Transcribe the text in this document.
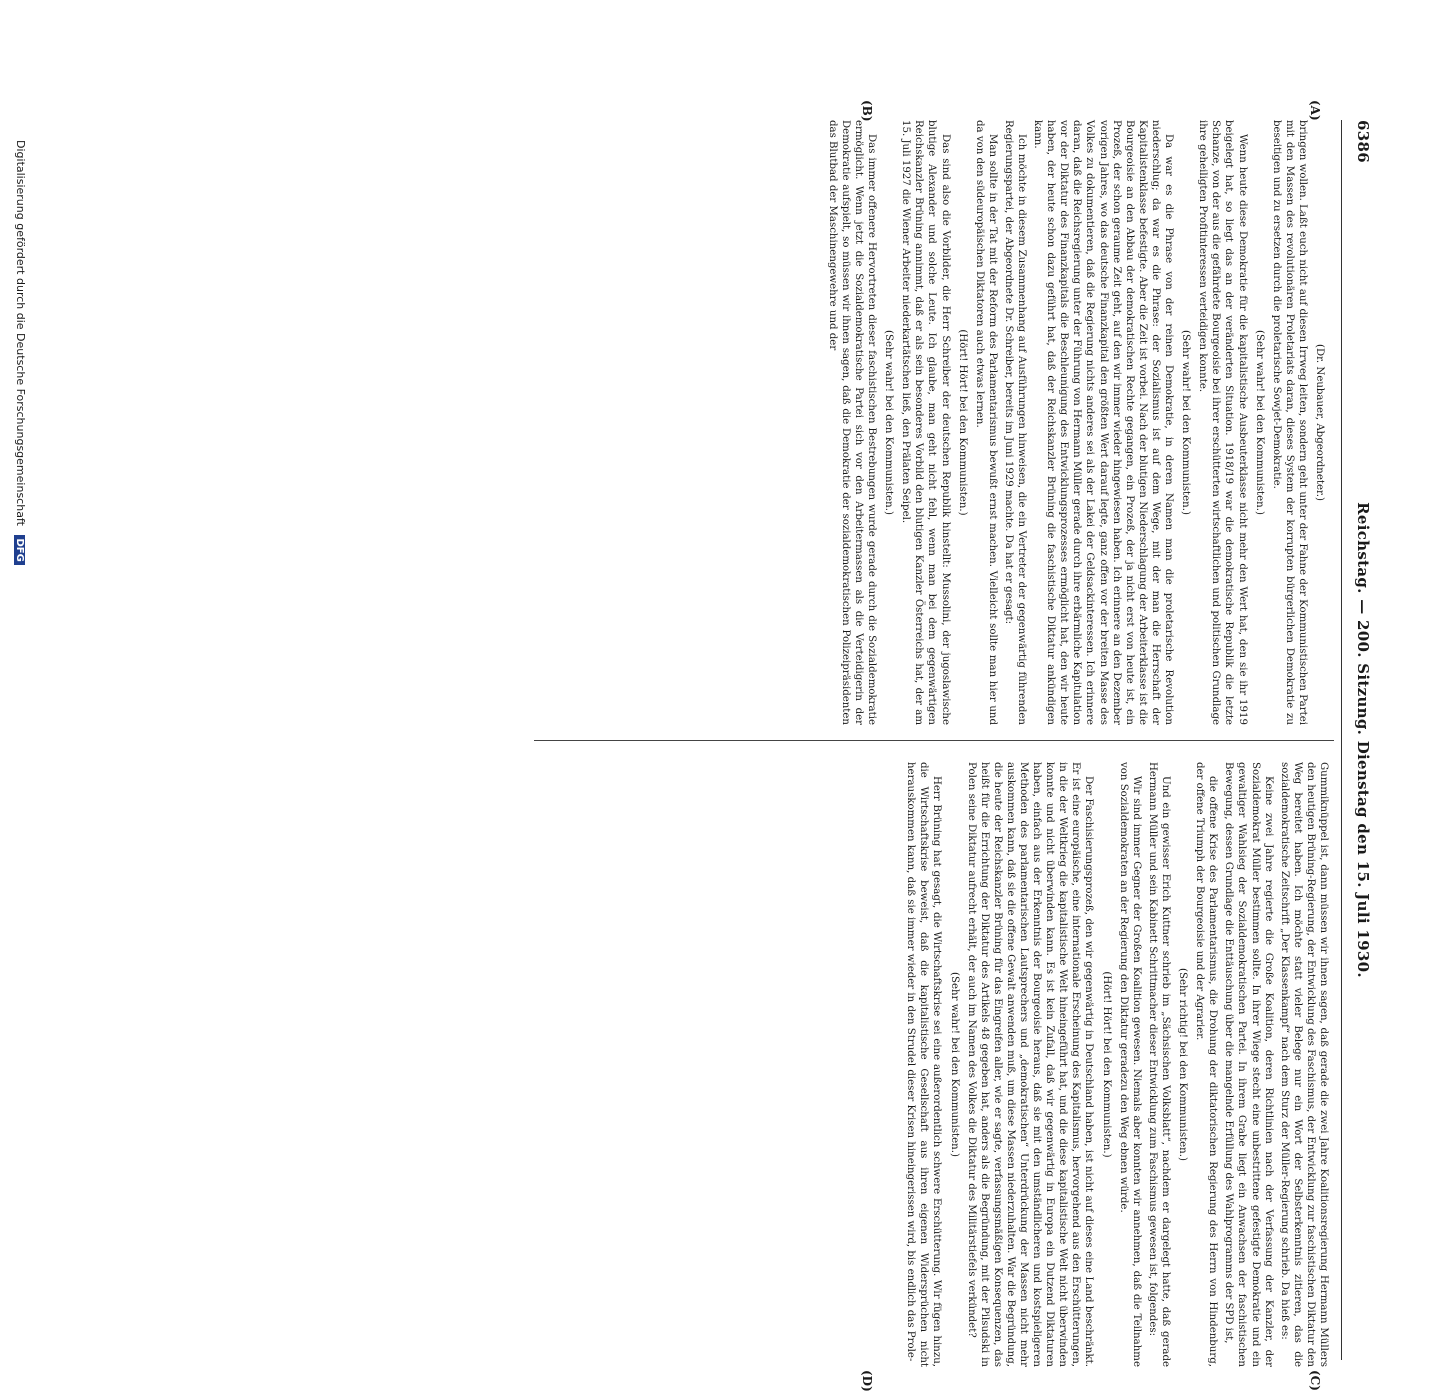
6386
Reichstag. — 200. Sitzung. Dienstag den 15. Juli 1930.
(A)
(B)
(C)
(D)

(Dr. Neubauer, Abgeordneter.)

bringen wollen. Laßt euch nicht auf diesen Irrweg leiten, sondern geht unter der Fahne der Kommunistischen Partei mit den Massen des revolutionären Proletariats daran, dieses System der korrupten bürgerlichen Demokratie zu beseitigen und zu ersetzen durch die proletarische Sowjet-Demokratie.

(Sehr wahr! bei den Kommunisten.)

Wenn heute diese Demokratie für die kapitalistische Ausbeuterklasse nicht mehr den Wert hat, den sie ihr 1919 beigelegt hat, so liegt das an der veränderten Situation. 1918/19 war die demokratische Republik die letzte Schanze, von der aus die gefährdete Bourgeoisie bei ihrer erschütterten wirtschaftlichen und politischen Grundlage ihre geheiligten Profitinteressen verteidigen konnte.

(Sehr wahr! bei den Kommunisten.)

Da war es die Phrase von der reinen Demokratie, in deren Namen man die proletarische Revolution niederschlug; da war es die Phrase: der Sozialismus ist auf dem Wege, mit der man die Herrschaft der Kapitalistenklasse befestigte. Aber die Zeit ist vorbei. Nach der blutigen Niederschlagung der Arbeiterklasse ist die Bourgeoisie an den Abbau der demokratischen Rechte gegangen, ein Prozeß, der ja nicht erst von heute ist, ein Prozeß, der schon geraume Zeit geht, auf den wir immer wieder hingewiesen haben. Ich erinnere an den Dezember vorigen Jahres, wo das deutsche Finanzkapital den größten Wert darauf legte, ganz offen vor der breiten Masse des Volkes zu dokumentieren, daß die Regierung nichts anderes sei als der Lakei der Geldsackinteressen. Ich erinnere daran, daß die Reichsregierung unter der Führung von Hermann Müller gerade durch ihre erbärmliche Kapitulation vor der Diktatur des Finanzkapitals die Beschleunigung des Entwicklungsprozesses ermöglicht hat, den wir heute haben, der heute schon dazu geführt hat, daß der Reichskanzler Brüning die faschistische Diktatur ankündigen kann.

Ich möchte in diesem Zusammenhang auf Ausführungen hinweisen, die ein Vertreter der gegenwärtig führenden Regierungspartei, der Abgeordnete Dr. Schreiber, bereits im Juni 1929 machte. Da hat er gesagt:

Man sollte in der Tat mit der Reform des Parlamentarismus bewußt ernst machen. Vielleicht sollte man hier und da von den südeuropäischen Diktatoren auch etwas lernen.

(Hört! Hört! bei den Kommunisten.)

Das sind also die Vorbilder, die Herr Schreiber der deutschen Republik hinstellt: Mussolini, der jugoslawische blutige Alexander und solche Leute. Ich glaube, man geht nicht fehl, wenn man bei dem gegenwärtigen Reichskanzler Brüning annimmt, daß er als sein besonderes Vorbild den blutigen Kanzler Österreichs hat, der am 15. Juli 1927 die Wiener Arbeiter niederkartätschen ließ, den Prälaten Seipel.

(Sehr wahr! bei den Kommunisten.)

Das immer offenere Hervortreten dieser faschistischen Bestrebungen wurde gerade durch die Sozialdemokratie ermöglicht. Wenn jetzt die Sozialdemokratische Partei sich vor den Arbeitermassen als die Verteidigerin der Demokratie aufspielt, so müssen wir ihnen sagen, daß die Demokratie der sozialdemokratischen Polizeipräsidenten das Blutbad der Maschinengewehre und der

Gummiknüppel ist, dann müssen wir ihnen sagen, daß gerade die zwei Jahre Koalitionsregierung Hermann Müllers den heutigen Brüning-Regierung, der Entwicklung des Faschismus, der Entwicklung zur faschistischen Diktatur den Weg bereitet haben. Ich möchte statt vieler Belege nur ein Wort der Selbsterkenntnis zitieren, das die sozialdemokratische Zeitschrift „Der Klassenkampf“ nach dem Sturz der Müller-Regierung schrieb. Da hieß es:

Keine zwei Jahre regierte die Große Koalition, deren Richtlinien nach der Verfassung der Kanzler, der Sozialdemokrat Müller bestimmen sollte. In ihrer Wiege stecht eine unbestrittene gefestigte Demokratie und ein gewaltiger Wahlsieg der Sozialdemokratischen Partei. In ihrem Grabe liegt ein Anwachsen der faschistischen Bewegung, dessen Grundlage die Enttäuschung über die mangelnde Erfüllung des Wahlprogramms der SPD ist,

die offene Krise des Parlamentarismus, die Drohung der diktatorischen Regierung des Herrn von Hindenburg, der offene Triumph der Bourgeoisie und der Agrarier.

(Sehr richtig! bei den Kommunisten.)

Und ein gewisser Erich Kuttner schrieb im „Sächsischen Volksblatt“, nachdem er dargelegt hatte, daß gerade Hermann Müller und sein Kabinett Schrittmacher dieser Entwicklung zum Faschismus gewesen ist, folgendes:

Wir sind immer Gegner der Großen Koalition gewesen. Niemals aber konnten wir annehmen, daß die Teilnahme von Sozialdemokraten an der Regierung den Diktatur geradezu den Weg ebnen würde.

(Hört! Hört! bei den Kommunisten.)

Der Faschisierungsprozeß, den wir gegenwärtig in Deutschland haben, ist nicht auf dieses eine Land beschränkt. Er ist eine europäische, eine internationale Erscheinung des Kapitalismus, hervorgehend aus den Erschütterungen, in die der Weltkrieg die kapitalistische Welt hineingeführt hat, und die diese kapitalistische Welt nicht überwinden konnte und nicht überwinden kann. Es ist kein Zufall, daß wir gegenwärtig in Europa ein Dutzend Diktaturen haben, einfach aus der Erkenntnis der Bourgeoisie heraus, daß sie mit den umständlicheren und kostspieligeren Methoden des parlamentarischen Lautsprechers und „demokratischen“ Unterdrückung der Massen nicht mehr auskommen kann, daß sie die offene Gewalt anwenden muß, um diese Massen niederzuhalten. War die Begründung, die heute der Reichskanzler Brüning für das Eingreifen aller, wie er sagte, verfassungsmäßigen Konsequenzen, das heißt für die Errichtung der Diktatur des Artikels 48 gegeben hat, anders als die Begründung, mit der Pilsudski in Polen seine Diktatur aufrecht erhält, der auch im Namen des Volkes die Diktatur des Militärstiefels verkündet?

(Sehr wahr! bei den Kommunisten.)

Herr Brüning hat gesagt, die Wirtschaftskrise sei eine außerordentlich schwere Erschütterung. Wir fügen hinzu, die Wirtschaftskrise beweist, daß die kapitalistische Gesellschaft aus ihren eigenen Widersprüchen nicht herauskommen kann, daß sie immer wieder in den Strudel dieser Krisen hineingerissen wird, bis endlich das Prole-

Digitalisierung gefördert durch die Deutsche Forschungsgemeinschaft DFG
